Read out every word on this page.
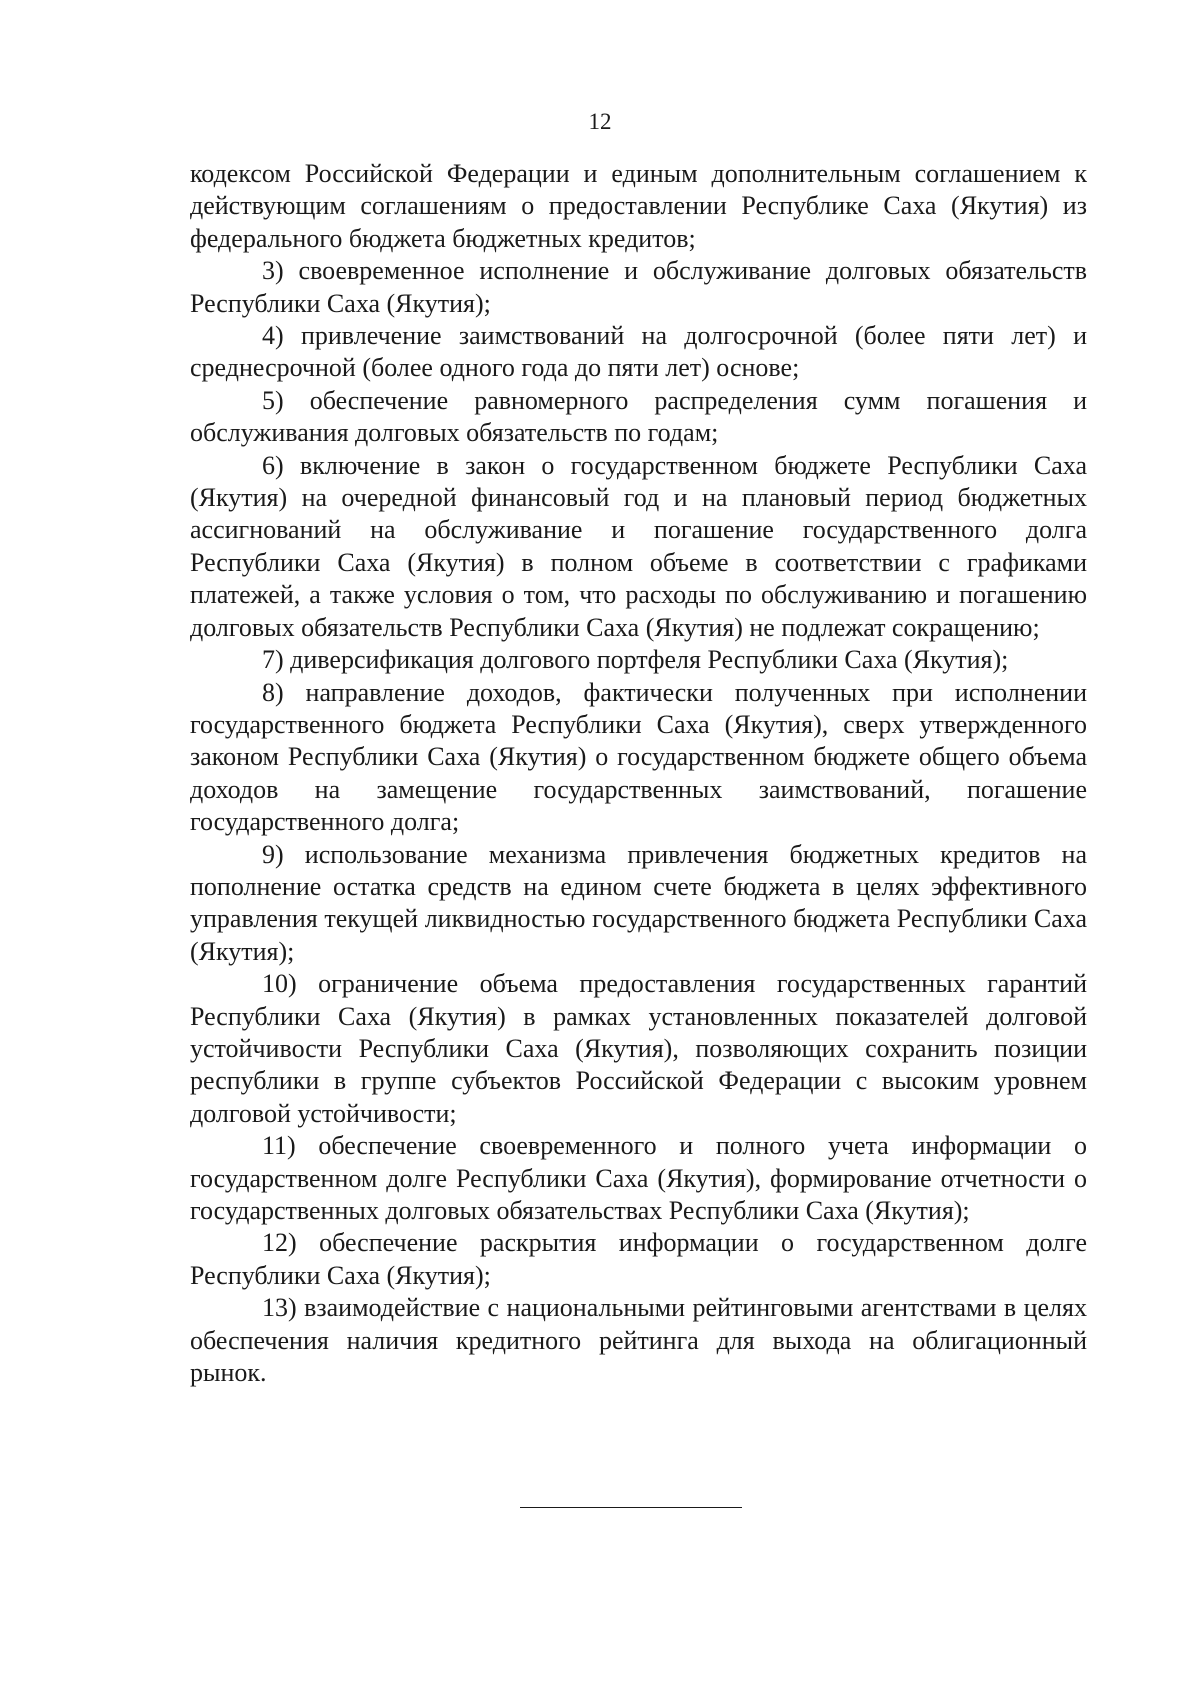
12

кодексом Российской Федерации и единым дополнительным соглашением к действующим соглашениям о предоставлении Республике Саха (Якутия) из федерального бюджета бюджетных кредитов;

3) своевременное исполнение и обслуживание долговых обязательств Республики Саха (Якутия);

4) привлечение заимствований на долгосрочной (более пяти лет) и среднесрочной (более одного года до пяти лет) основе;

5) обеспечение равномерного распределения сумм погашения и обслуживания долговых обязательств по годам;

6) включение в закон о государственном бюджете Республики Саха (Якутия) на очередной финансовый год и на плановый период бюджетных ассигнований на обслуживание и погашение государственного долга Республики Саха (Якутия) в полном объеме в соответствии с графиками платежей, а также условия о том, что расходы по обслуживанию и погашению долговых обязательств Республики Саха (Якутия) не подлежат сокращению;

7) диверсификация долгового портфеля Республики Саха (Якутия);

8) направление доходов, фактически полученных при исполнении государственного бюджета Республики Саха (Якутия), сверх утвержденного законом Республики Саха (Якутия) о государственном бюджете общего объема доходов на замещение государственных заимствований, погашение государственного долга;

9) использование механизма привлечения бюджетных кредитов на пополнение остатка средств на едином счете бюджета в целях эффективного управления текущей ликвидностью государственного бюджета Республики Саха (Якутия);

10) ограничение объема предоставления государственных гарантий Республики Саха (Якутия) в рамках установленных показателей долговой устойчивости Республики Саха (Якутия), позволяющих сохранить позиции республики в группе субъектов Российской Федерации с высоким уровнем долговой устойчивости;

11) обеспечение своевременного и полного учета информации о государственном долге Республики Саха (Якутия), формирование отчетности о государственных долговых обязательствах Республики Саха (Якутия);

12) обеспечение раскрытия информации о государственном долге Республики Саха (Якутия);

13) взаимодействие с национальными рейтинговыми агентствами в целях обеспечения наличия кредитного рейтинга для выхода на облигационный рынок.
